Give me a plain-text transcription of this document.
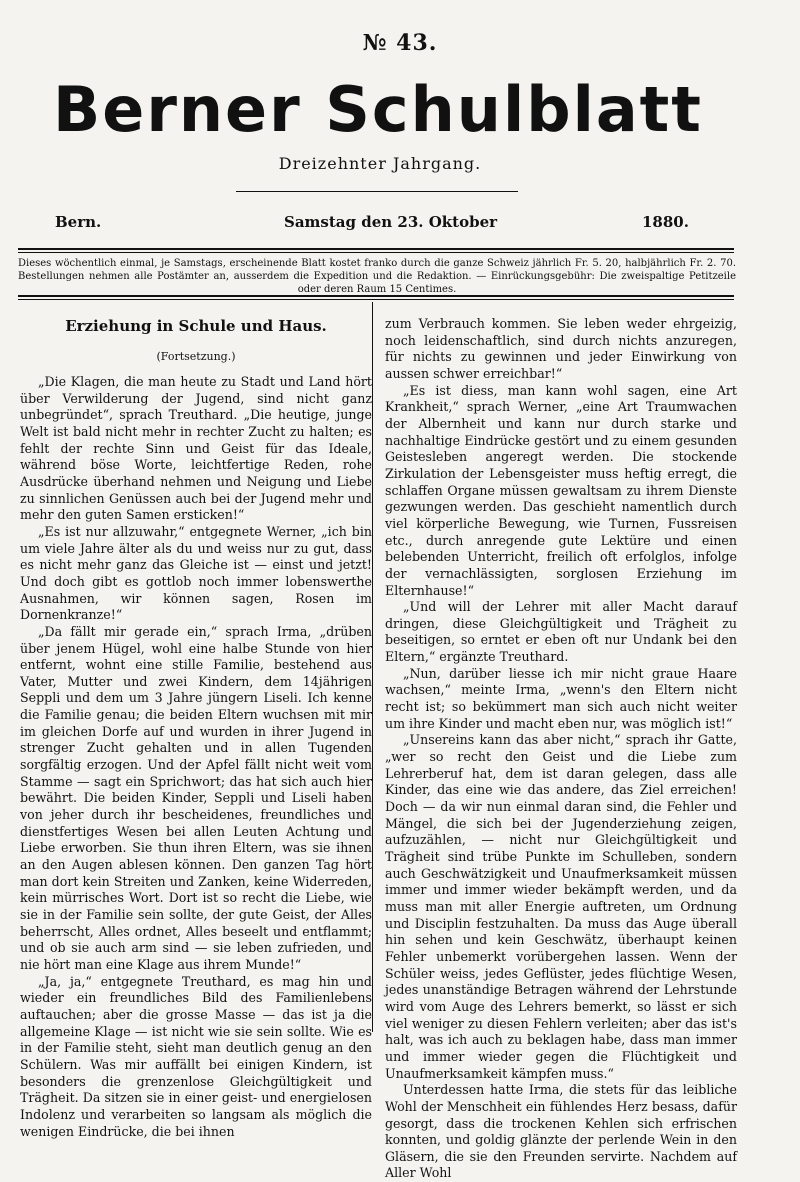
№ 43.
Berner Schulblatt
Dreizehnter Jahrgang.
Bern.	Samstag den 23. Oktober	1880.
Dieses wöchentlich einmal, je Samstags, erscheinende Blatt kostet franko durch die ganze Schweiz jährlich Fr. 5. 20, halbjährlich Fr. 2. 70.
Bestellungen nehmen alle Postämter an, ausserdem die Expedition und die Redaktion. — Einrückungsgebühr: Die zweispaltige Petitzeile
oder deren Raum 15 Centimes.
Erziehung in Schule und Haus.
(Fortsetzung.)

„Die Klagen, die man heute zu Stadt und Land hört über Verwilderung der Jugend, sind nicht ganz unbegründet“, sprach Treuthard. „Die heutige, junge Welt ist bald nicht mehr in rechter Zucht zu halten; es fehlt der rechte Sinn und Geist für das Ideale, während böse Worte, leichtfertige Reden, rohe Ausdrücke überhand nehmen und Neigung und Liebe zu sinnlichen Genüssen auch bei der Jugend mehr und mehr den guten Samen ersticken!“

„Es ist nur allzuwahr,“ entgegnete Werner, „ich bin um viele Jahre älter als du und weiss nur zu gut, dass es nicht mehr ganz das Gleiche ist — einst und jetzt! Und doch gibt es gottlob noch immer lobenswerthe Ausnahmen, wir können sagen, Rosen im Dornenkranze!“

„Da fällt mir gerade ein,“ sprach Irma, „drüben über jenem Hügel, wohl eine halbe Stunde von hier entfernt, wohnt eine stille Familie, bestehend aus Vater, Mutter und zwei Kindern, dem 14jährigen Seppli und dem um 3 Jahre jüngern Liseli. Ich kenne die Familie genau; die beiden Eltern wuchsen mit mir im gleichen Dorfe auf und wurden in ihrer Jugend in strenger Zucht gehalten und in allen Tugenden sorgfältig erzogen. Und der Apfel fällt nicht weit vom Stamme — sagt ein Sprichwort; das hat sich auch hier bewährt. Die beiden Kinder, Seppli und Liseli haben von jeher durch ihr bescheidenes, freundliches und dienstfertiges Wesen bei allen Leuten Achtung und Liebe erworben. Sie thun ihren Eltern, was sie ihnen an den Augen ablesen können. Den ganzen Tag hört man dort kein Streiten und Zanken, keine Widerreden, kein mürrisches Wort. Dort ist so recht die Liebe, wie sie in der Familie sein sollte, der gute Geist, der Alles beherrscht, Alles ordnet, Alles beseelt und entflammt; und ob sie auch arm sind — sie leben zufrieden, und nie hört man eine Klage aus ihrem Munde!“

„Ja, ja,“ entgegnete Treuthard, es mag hin und wieder ein freundliches Bild des Familienlebens auftauchen; aber die grosse Masse — das ist ja die allgemeine Klage — ist nicht wie sie sein sollte. Wie es in der Familie steht, sieht man deutlich genug an den Schülern. Was mir auffällt bei einigen Kindern, ist besonders die grenzenlose Gleichgültigkeit und Trägheit. Da sitzen sie in einer geist- und energielosen Indolenz und verarbeiten so langsam als möglich die wenigen Eindrücke, die bei ihnen

zum Verbrauch kommen. Sie leben weder ehrgeizig, noch leidenschaftlich, sind durch nichts anzuregen, für nichts zu gewinnen und jeder Einwirkung von aussen schwer erreichbar!“

„Es ist diess, man kann wohl sagen, eine Art Krankheit,“ sprach Werner, „eine Art Traumwachen der Albernheit und kann nur durch starke und nachhaltige Eindrücke gestört und zu einem gesunden Geistesleben angeregt werden. Die stockende Zirkulation der Lebensgeister muss heftig erregt, die schlaffen Organe müssen gewaltsam zu ihrem Dienste gezwungen werden. Das geschieht namentlich durch viel körperliche Bewegung, wie Turnen, Fussreisen etc., durch anregende gute Lektüre und einen belebenden Unterricht, freilich oft erfolglos, infolge der vernachlässigten, sorglosen Erziehung im Elternhause!“

„Und will der Lehrer mit aller Macht darauf dringen, diese Gleichgültigkeit und Trägheit zu beseitigen, so erntet er eben oft nur Undank bei den Eltern,“ ergänzte Treuthard.

„Nun, darüber liesse ich mir nicht graue Haare wachsen,“ meinte Irma, „wenn's den Eltern nicht recht ist; so bekümmert man sich auch nicht weiter um ihre Kinder und macht eben nur, was möglich ist!“

„Unsereins kann das aber nicht,“ sprach ihr Gatte, „wer so recht den Geist und die Liebe zum Lehrerberuf hat, dem ist daran gelegen, dass alle Kinder, das eine wie das andere, das Ziel erreichen! Doch — da wir nun einmal daran sind, die Fehler und Mängel, die sich bei der Jugenderziehung zeigen, aufzuzählen, — nicht nur Gleichgültigkeit und Trägheit sind trübe Punkte im Schulleben, sondern auch Geschwätzigkeit und Unaufmerksamkeit müssen immer und immer wieder bekämpft werden, und da muss man mit aller Energie auftreten, um Ordnung und Disciplin festzuhalten. Da muss das Auge überall hin sehen und kein Geschwätz, überhaupt keinen Fehler unbemerkt vorübergehen lassen. Wenn der Schüler weiss, jedes Geflüster, jedes flüchtige Wesen, jedes unanständige Betragen während der Lehrstunde wird vom Auge des Lehrers bemerkt, so lässt er sich viel weniger zu diesen Fehlern verleiten; aber das ist's halt, was ich auch zu beklagen habe, dass man immer und immer wieder gegen die Flüchtigkeit und Unaufmerksamkeit kämpfen muss.“

Unterdessen hatte Irma, die stets für das leibliche Wohl der Menschheit ein fühlendes Herz besass, dafür gesorgt, dass die trockenen Kehlen sich erfrischen konnten, und goldig glänzte der perlende Wein in den Gläsern, die sie den Freunden servirte. Nachdem auf Aller Wohl
